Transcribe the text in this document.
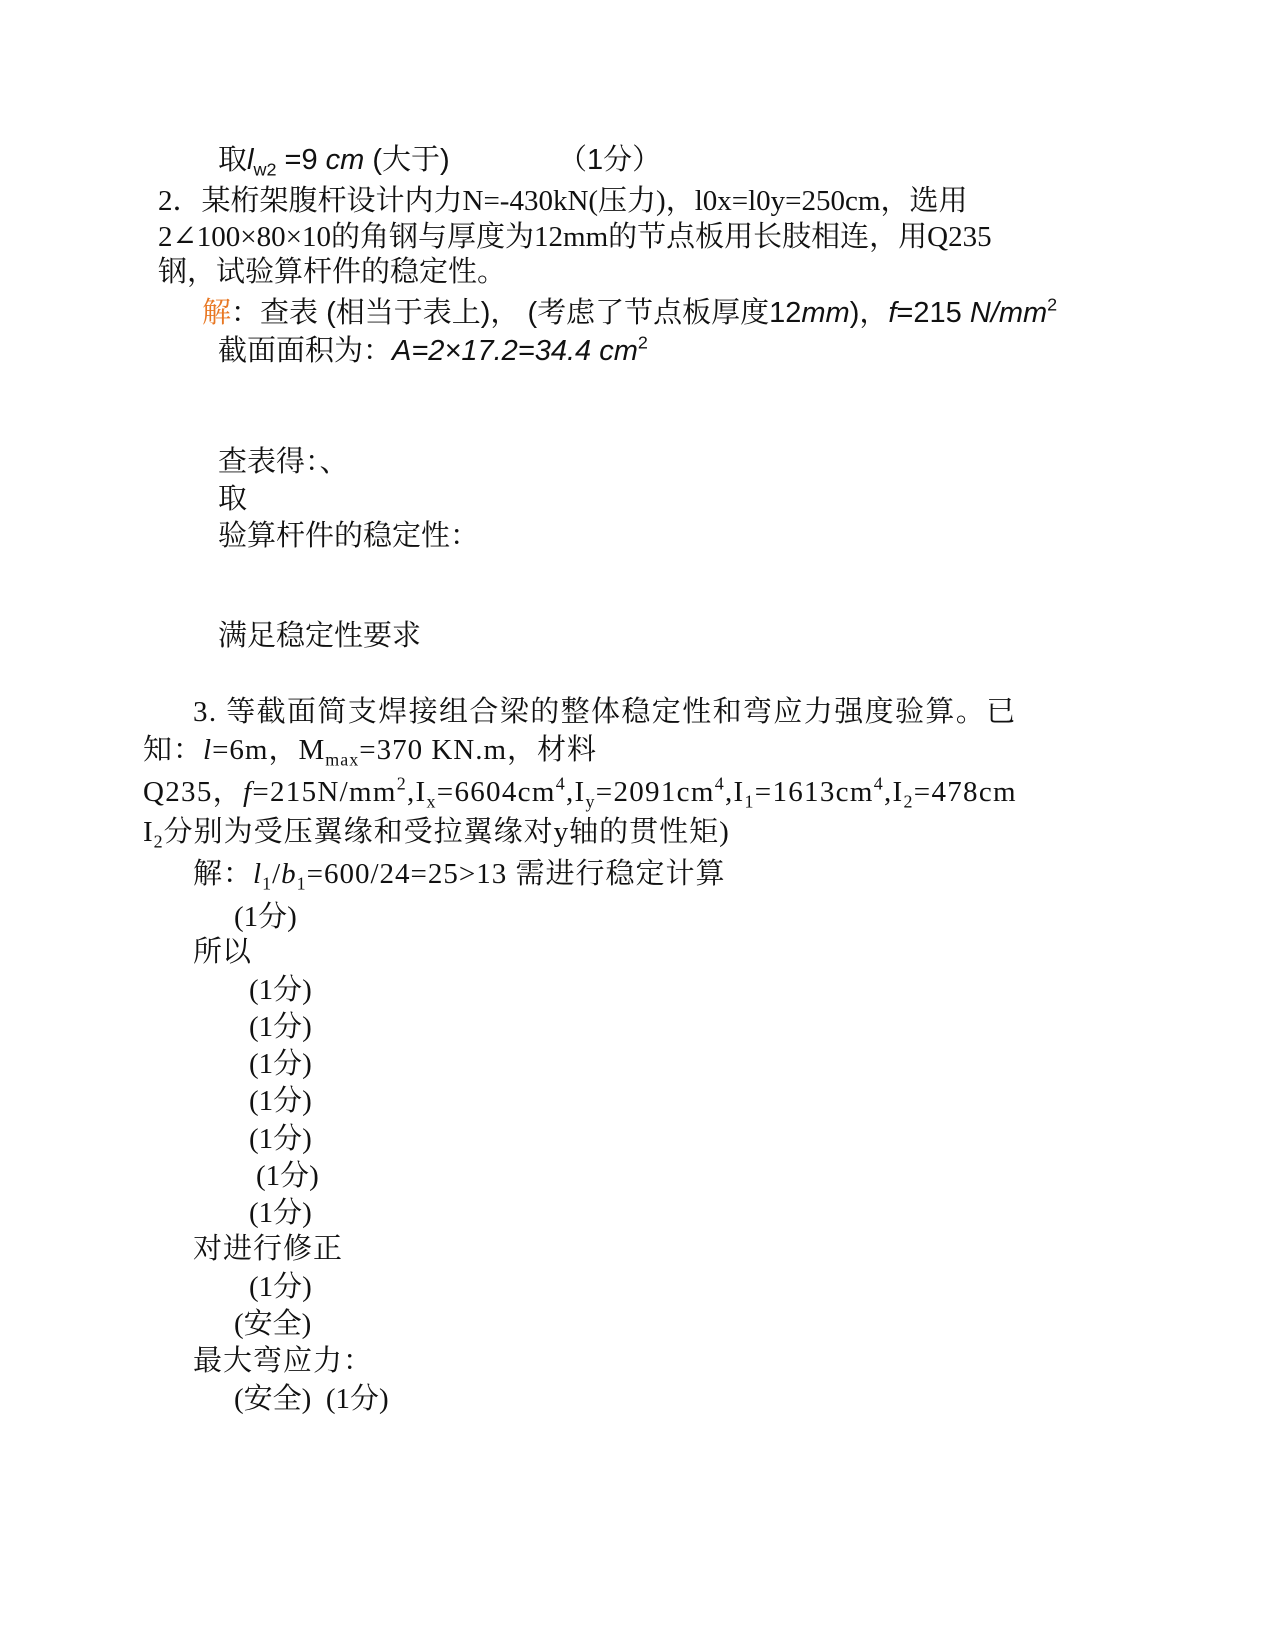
取$l_{w2} =9$ cm (大于)	（1分）
2．某桁架腹杆设计内力N=-430kN(压力)，l0x=l0y=250cm，选用
2∠100×80×10的角钢与厚度为12mm的节点板用长肢相连，用Q235
钢，试验算杆件的稳定性。
解：查表 (相当于表上)， (考虑了节点板厚度12mm)，f=215 $N/mm^2$
截面面积为：A=2×17.2=34.4 $cm^2$
查表得：、
取
验算杆件的稳定性：
满足稳定性要求
3. 等截面简支焊接组合梁的整体稳定性和弯应力强度验算。已
知：l=6m，$M_{max}=370$ KN.m，材料
Q235，$f=215N/mm^2,I_x=6604cm^4,I_y=2091cm^4,I_1=1613cm^4,I_2=478cm$
$I_2$分别为受压翼缘和受拉翼缘对y轴的贯性矩)
解：$l_1/b_1=600/24=25>13$ 需进行稳定计算
(1分)
所以
(1分)
(1分)
(1分)
(1分)
(1分)
(1分)
(1分)
对进行修正
(1分)
(安全)
最大弯应力：
(安全) (1分)
